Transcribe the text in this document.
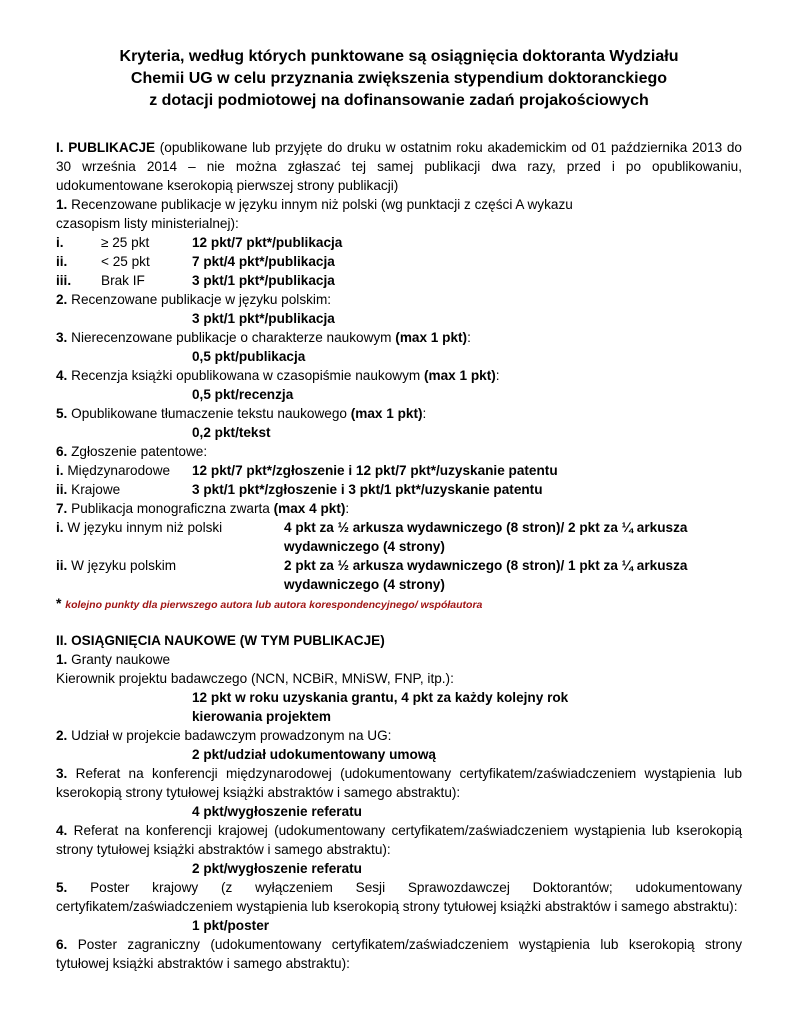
Kryteria, według których punktowane są osiągnięcia doktoranta Wydziału
Chemii UG w celu przyznania zwiększenia stypendium doktoranckiego
z dotacji podmiotowej na dofinansowanie zadań projakościowych
I. PUBLIKACJE (opublikowane lub przyjęte do druku w ostatnim roku akademickim od 01 października 2013 do 30 września 2014 – nie można zgłaszać tej samej publikacji dwa razy, przed i po opublikowaniu, udokumentowane kserokopią pierwszej strony publikacji)
1. Recenzowane publikacje w języku innym niż polski (wg punktacji z części A wykazu
czasopism listy ministerialnej):
i.	≥ 25 pkt	12 pkt/7 pkt*/publikacja
ii.	< 25 pkt	7 pkt/4 pkt*/publikacja
iii.	Brak IF	3 pkt/1 pkt*/publikacja
2. Recenzowane publikacje w języku polskim:
3 pkt/1 pkt*/publikacja
3. Nierecenzowane publikacje o charakterze naukowym (max 1 pkt):
0,5 pkt/publikacja
4. Recenzja książki opublikowana w czasopiśmie naukowym (max 1 pkt):
0,5 pkt/recenzja
5. Opublikowane tłumaczenie tekstu naukowego (max 1 pkt):
0,2 pkt/tekst
6. Zgłoszenie patentowe:
i. Międzynarodowe	12 pkt/7 pkt*/zgłoszenie i 12 pkt/7 pkt*/uzyskanie patentu
ii. Krajowe	3 pkt/1 pkt*/zgłoszenie i 3 pkt/1 pkt*/uzyskanie patentu
7. Publikacja monograficzna zwarta (max 4 pkt):
i. W języku innym niż polski	4 pkt za ½ arkusza wydawniczego (8 stron)/ 2 pkt za ¼ arkusza wydawniczego (4 strony)
ii. W języku polskim	2 pkt za ½ arkusza wydawniczego (8 stron)/ 1 pkt za ¼ arkusza wydawniczego (4 strony)
* kolejno punkty dla pierwszego autora lub autora korespondencyjnego/ współautora
II. OSIĄGNIĘCIA NAUKOWE (W TYM PUBLIKACJE)
1. Granty naukowe
Kierownik projektu badawczego (NCN, NCBiR, MNiSW, FNP, itp.):
12 pkt w roku uzyskania grantu, 4 pkt za każdy kolejny rok
kierowania projektem
2. Udział w projekcie badawczym prowadzonym na UG:
2 pkt/udział udokumentowany umową
3. Referat na konferencji międzynarodowej (udokumentowany certyfikatem/zaświadczeniem wystąpienia lub kserokopią strony tytułowej książki abstraktów i samego abstraktu):
4 pkt/wygłoszenie referatu
4. Referat na konferencji krajowej (udokumentowany certyfikatem/zaświadczeniem wystąpienia lub kserokopią strony tytułowej książki abstraktów i samego abstraktu):
2 pkt/wygłoszenie referatu
5. Poster krajowy (z wyłączeniem Sesji Sprawozdawczej Doktorantów; udokumentowany certyfikatem/zaświadczeniem wystąpienia lub kserokopią strony tytułowej książki abstraktów i samego abstraktu):
1 pkt/poster
6. Poster zagraniczny (udokumentowany certyfikatem/zaświadczeniem wystąpienia lub kserokopią strony tytułowej książki abstraktów i samego abstraktu):
